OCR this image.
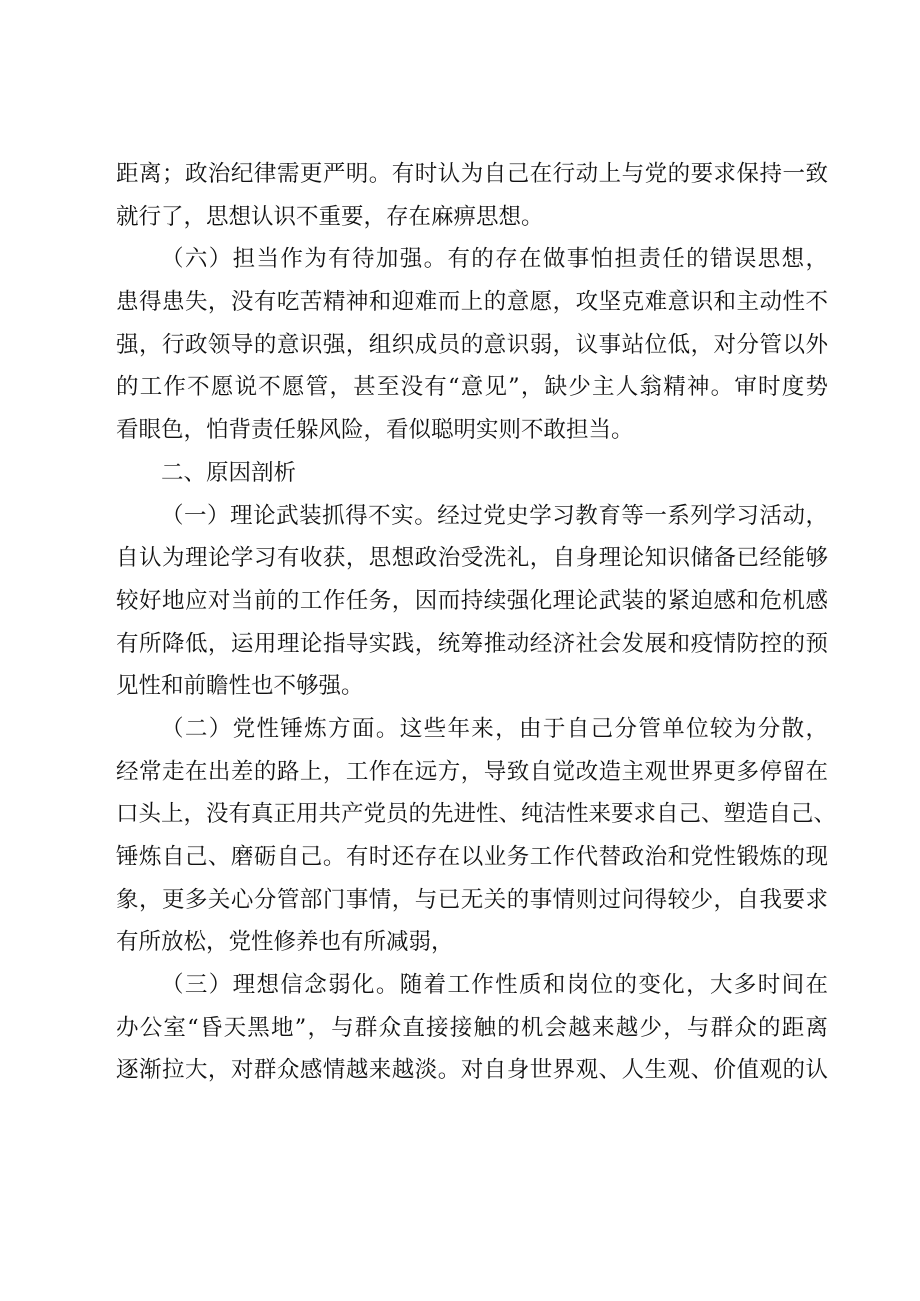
距离；政治纪律需更严明。有时认为自己在行动上与党的要求保持一致
就行了，思想认识不重要，存在麻痹思想。
（六）担当作为有待加强。有的存在做事怕担责任的错误思想，
患得患失，没有吃苦精神和迎难而上的意愿，攻坚克难意识和主动性不
强，行政领导的意识强，组织成员的意识弱，议事站位低，对分管以外
的工作不愿说不愿管，甚至没有“意见”，缺少主人翁精神。审时度势
看眼色，怕背责任躲风险，看似聪明实则不敢担当。
二、原因剖析
（一）理论武装抓得不实。经过党史学习教育等一系列学习活动，
自认为理论学习有收获，思想政治受洗礼，自身理论知识储备已经能够
较好地应对当前的工作任务，因而持续强化理论武装的紧迫感和危机感
有所降低，运用理论指导实践，统筹推动经济社会发展和疫情防控的预
见性和前瞻性也不够强。
（二）党性锤炼方面。这些年来，由于自己分管单位较为分散，
经常走在出差的路上，工作在远方，导致自觉改造主观世界更多停留在
口头上，没有真正用共产党员的先进性、纯洁性来要求自己、塑造自己、
锤炼自己、磨砺自己。有时还存在以业务工作代替政治和党性锻炼的现
象，更多关心分管部门事情，与已无关的事情则过问得较少，自我要求
有所放松，党性修养也有所减弱，
（三）理想信念弱化。随着工作性质和岗位的变化，大多时间在
办公室“昏天黑地”，与群众直接接触的机会越来越少，与群众的距离
逐渐拉大，对群众感情越来越淡。对自身世界观、人生观、价值观的认
